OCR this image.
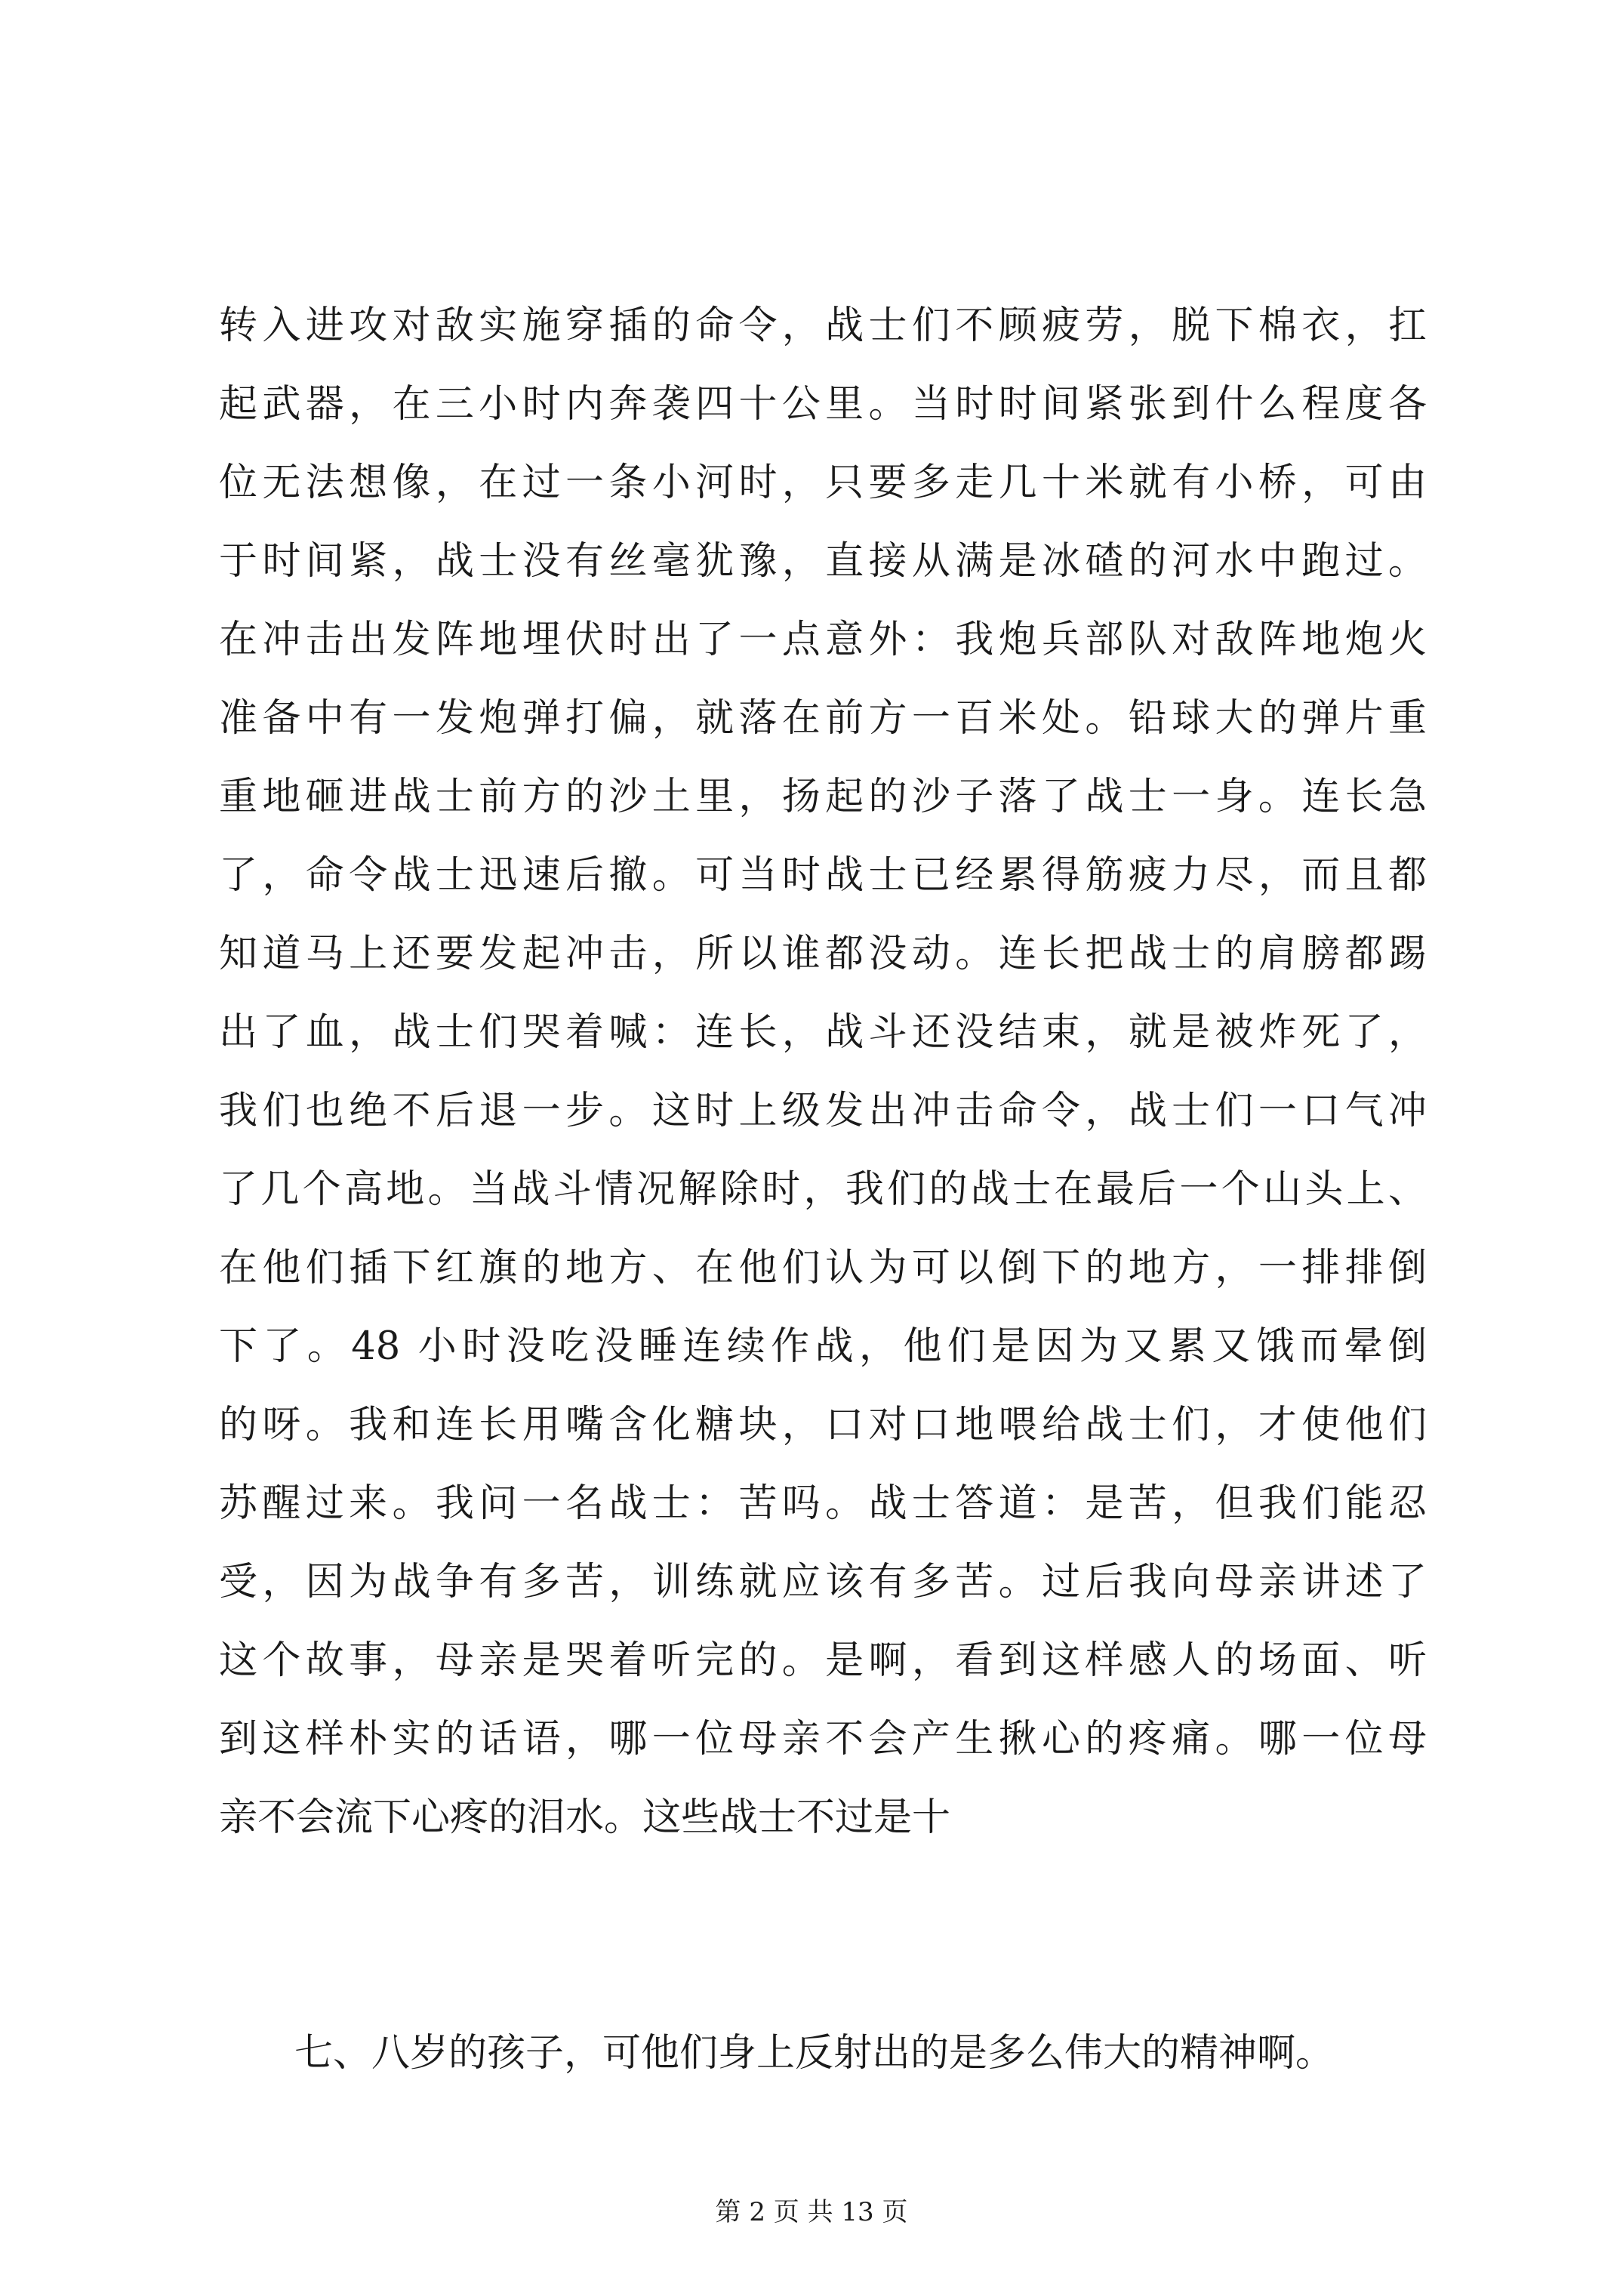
转入进攻对敌实施穿插的命令，战士们不顾疲劳，脱下棉衣，扛
起武器，在三小时内奔袭四十公里。当时时间紧张到什么程度各
位无法想像，在过一条小河时，只要多走几十米就有小桥，可由
于时间紧，战士没有丝毫犹豫，直接从满是冰碴的河水中跑过。
在冲击出发阵地埋伏时出了一点意外：我炮兵部队对敌阵地炮火
准备中有一发炮弹打偏，就落在前方一百米处。铅球大的弹片重
重地砸进战士前方的沙土里，扬起的沙子落了战士一身。连长急
了，命令战士迅速后撤。可当时战士已经累得筋疲力尽，而且都
知道马上还要发起冲击，所以谁都没动。连长把战士的肩膀都踢
出了血，战士们哭着喊：连长，战斗还没结束，就是被炸死了，
我们也绝不后退一步。这时上级发出冲击命令，战士们一口气冲
了几个高地。当战斗情况解除时，我们的战士在最后一个山头上、
在他们插下红旗的地方、在他们认为可以倒下的地方，一排排倒
下了。48 小时没吃没睡连续作战，他们是因为又累又饿而晕倒
的呀。我和连长用嘴含化糖块，口对口地喂给战士们，才使他们
苏醒过来。我问一名战士：苦吗。战士答道：是苦，但我们能忍
受，因为战争有多苦，训练就应该有多苦。过后我向母亲讲述了
这个故事，母亲是哭着听完的。是啊，看到这样感人的场面、听
到这样朴实的话语，哪一位母亲不会产生揪心的疼痛。哪一位母
亲不会流下心疼的泪水。这些战士不过是十
七、八岁的孩子，可他们身上反射出的是多么伟大的精神啊。
第 2 页 共 13 页
